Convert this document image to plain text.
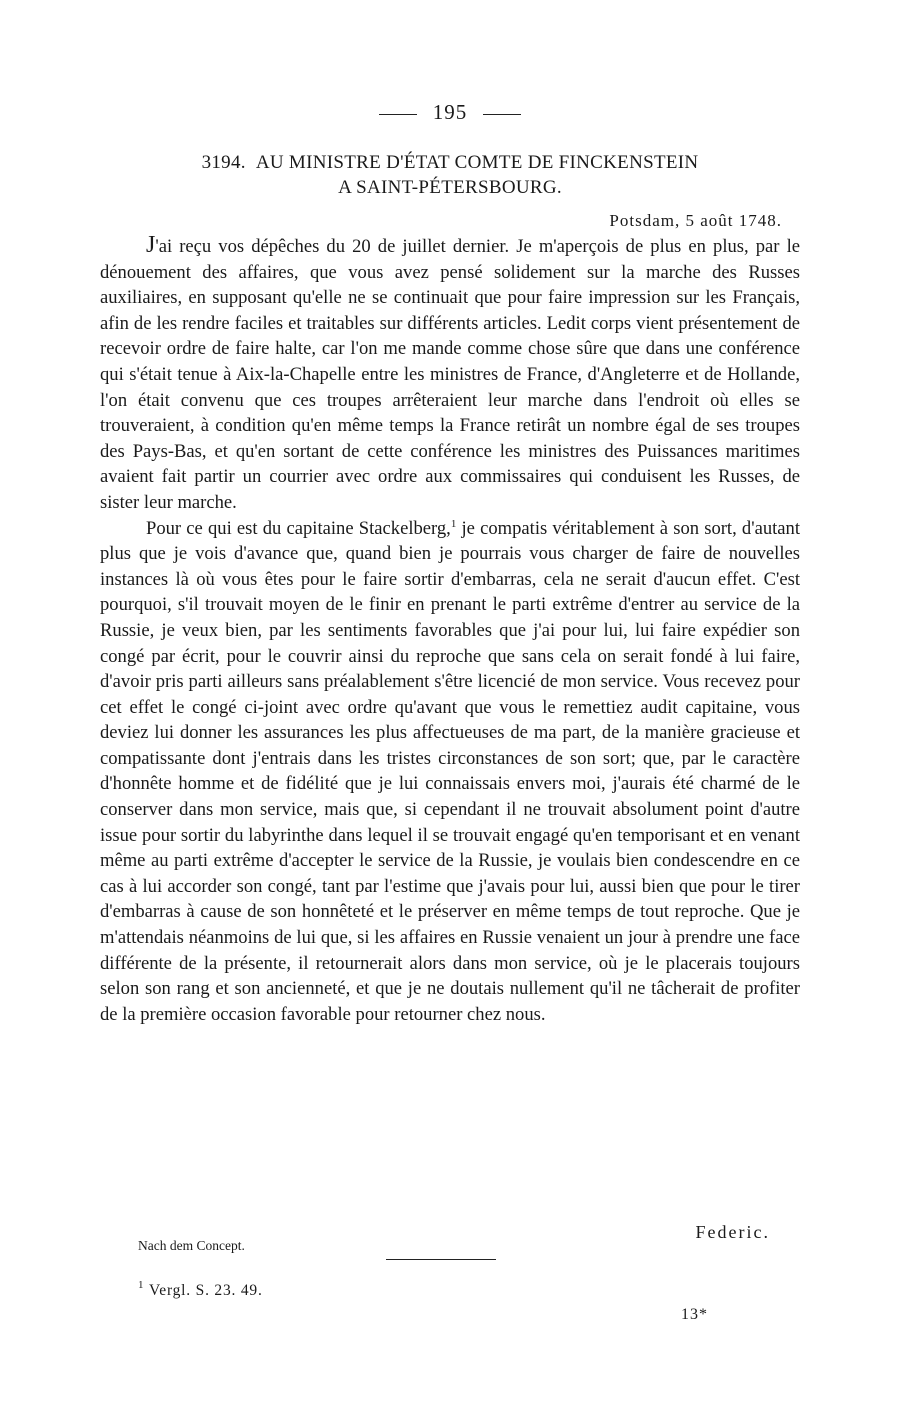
195
3194. AU MINISTRE D'ÉTAT COMTE DE FINCKENSTEIN
A SAINT-PÉTERSBOURG.
Potsdam, 5 août 1748.

J'ai reçu vos dépêches du 20 de juillet dernier. Je m'aperçois de plus en plus, par le dénouement des affaires, que vous avez pensé solidement sur la marche des Russes auxiliaires, en supposant qu'elle ne se continuait que pour faire impression sur les Français, afin de les rendre faciles et traitables sur différents articles. Ledit corps vient présentement de recevoir ordre de faire halte, car l'on me mande comme chose sûre que dans une conférence qui s'était tenue à Aix-la-Chapelle entre les ministres de France, d'Angleterre et de Hollande, l'on était convenu que ces troupes arrêteraient leur marche dans l'endroit où elles se trouveraient, à condition qu'en même temps la France retirât un nombre égal de ses troupes des Pays-Bas, et qu'en sortant de cette conférence les ministres des Puissances maritimes avaient fait partir un courrier avec ordre aux commissaires qui conduisent les Russes, de sister leur marche.

Pour ce qui est du capitaine Stackelberg,$^1$ je compatis véritablement à son sort, d'autant plus que je vois d'avance que, quand bien je pourrais vous charger de faire de nouvelles instances là où vous êtes pour le faire sortir d'embarras, cela ne serait d'aucun effet. C'est pourquoi, s'il trouvait moyen de le finir en prenant le parti extrême d'entrer au service de la Russie, je veux bien, par les sentiments favorables que j'ai pour lui, lui faire expédier son congé par écrit, pour le couvrir ainsi du reproche que sans cela on serait fondé à lui faire, d'avoir pris parti ailleurs sans préalablement s'être licencié de mon service. Vous recevez pour cet effet le congé ci-joint avec ordre qu'avant que vous le remettiez audit capitaine, vous deviez lui donner les assurances les plus affectueuses de ma part, de la manière gracieuse et compatissante dont j'entrais dans les tristes circonstances de son sort; que, par le caractère d'honnête homme et de fidélité que je lui connaissais envers moi, j'aurais été charmé de le conserver dans mon service, mais que, si cependant il ne trouvait absolument point d'autre issue pour sortir du labyrinthe dans lequel il se trouvait engagé qu'en temporisant et en venant même au parti extrême d'accepter le service de la Russie, je voulais bien condescendre en ce cas à lui accorder son congé, tant par l'estime que j'avais pour lui, aussi bien que pour le tirer d'embarras à cause de son honnêteté et le préserver en même temps de tout reproche. Que je m'attendais néanmoins de lui que, si les affaires en Russie venaient un jour à prendre une face différente de la présente, il retournerait alors dans mon service, où je le placerais toujours selon son rang et son ancienneté, et que je ne doutais nullement qu'il ne tâcherait de profiter de la première occasion favorable pour retourner chez nous.

Federic.
Nach dem Concept.
$^1$ Vergl. S. 23. 49.
13*
